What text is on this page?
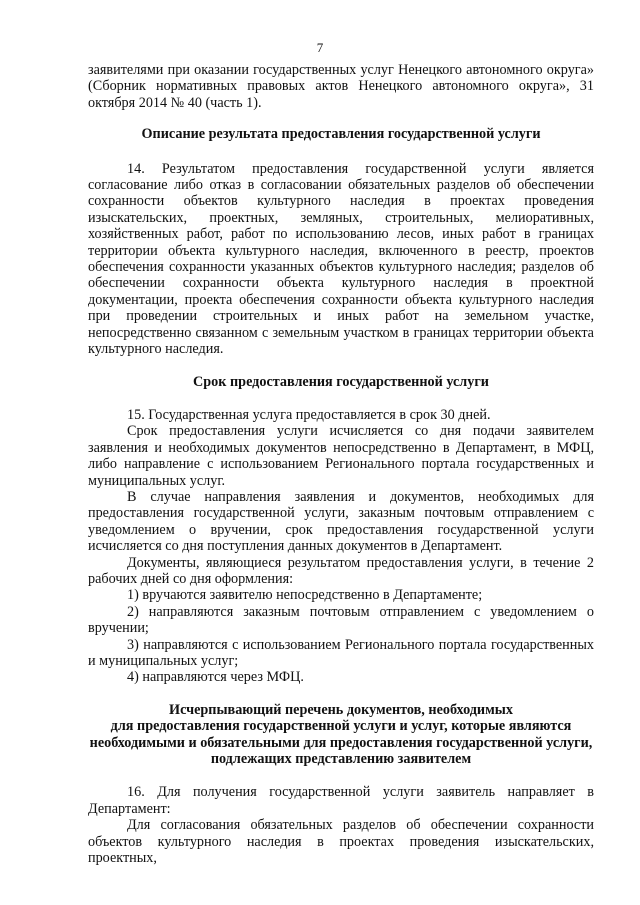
7

заявителями при оказании государственных услуг Ненецкого автономного округа» (Сборник нормативных правовых актов Ненецкого автономного округа», 31 октября 2014 № 40 (часть 1).

Описание результата предоставления государственной услуги

14. Результатом предоставления государственной услуги является согласование либо отказ в согласовании обязательных разделов об обеспечении сохранности объектов культурного наследия в проектах проведения изыскательских, проектных, земляных, строительных, мелиоративных, хозяйственных работ, работ по использованию лесов, иных работ в границах территории объекта культурного наследия, включенного в реестр, проектов обеспечения сохранности указанных объектов культурного наследия; разделов об обеспечении сохранности объекта культурного наследия в проектной документации, проекта обеспечения сохранности объекта культурного наследия при проведении строительных и иных работ на земельном участке, непосредственно связанном с земельным участком в границах территории объекта культурного наследия.

Срок предоставления государственной услуги

15. Государственная услуга предоставляется в срок 30 дней.

Срок предоставления услуги исчисляется со дня подачи заявителем заявления и необходимых документов непосредственно в Департамент, в МФЦ, либо направление с использованием Регионального портала государственных и муниципальных услуг.

В случае направления заявления и документов, необходимых для предоставления государственной услуги, заказным почтовым отправлением с уведомлением о вручении, срок предоставления государственной услуги исчисляется со дня поступления данных документов в Департамент.

Документы, являющиеся результатом предоставления услуги, в течение 2 рабочих дней со дня оформления:

1) вручаются заявителю непосредственно в Департаменте;

2) направляются заказным почтовым отправлением с уведомлением о вручении;

3) направляются с использованием Регионального портала государственных и муниципальных услуг;

4) направляются через МФЦ.

Исчерпывающий перечень документов, необходимых
для предоставления государственной услуги и услуг, которые являются
необходимыми и обязательными для предоставления государственной услуги,
подлежащих представлению заявителем

16. Для получения государственной услуги заявитель направляет в Департамент:

Для согласования обязательных разделов об обеспечении сохранности объектов культурного наследия в проектах проведения изыскательских, проектных,
